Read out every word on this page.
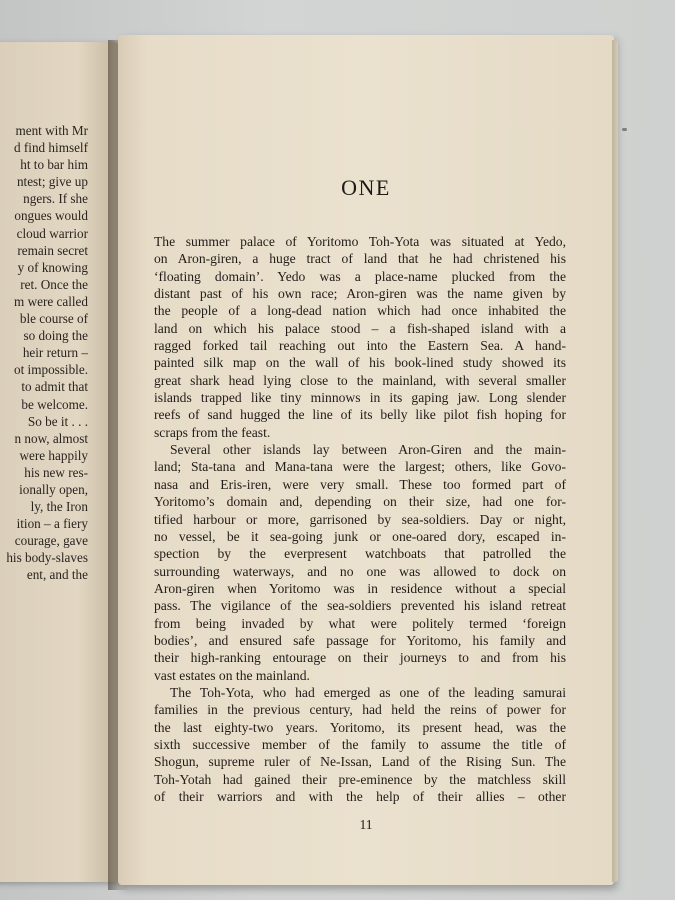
ment with Mr
d find himself
ht to bar him
ntest; give up
ngers. If she
ongues would
cloud warrior
remain secret
y of knowing
ret. Once the
m were called
ble course of
so doing the
heir return –
ot impossible.
to admit that
be welcome.
So be it . . .
n now, almost
were happily
his new res-
ionally open,
ly, the Iron
ition – a fiery
courage, gave
his body-slaves
ent, and the
ONE
The summer palace of Yoritomo Toh-Yota was situated at Yedo,
on Aron-giren, a huge tract of land that he had christened his
‘floating domain’. Yedo was a place-name plucked from the
distant past of his own race; Aron-giren was the name given by
the people of a long-dead nation which had once inhabited the
land on which his palace stood – a fish-shaped island with a
ragged forked tail reaching out into the Eastern Sea. A hand-
painted silk map on the wall of his book-lined study showed its
great shark head lying close to the mainland, with several smaller
islands trapped like tiny minnows in its gaping jaw. Long slender
reefs of sand hugged the line of its belly like pilot fish hoping for
scraps from the feast.
Several other islands lay between Aron-Giren and the main-
land; Sta-tana and Mana-tana were the largest; others, like Govo-
nasa and Eris-iren, were very small. These too formed part of
Yoritomo’s domain and, depending on their size, had one for-
tified harbour or more, garrisoned by sea-soldiers. Day or night,
no vessel, be it sea-going junk or one-oared dory, escaped in-
spection by the everpresent watchboats that patrolled the
surrounding waterways, and no one was allowed to dock on
Aron-giren when Yoritomo was in residence without a special
pass. The vigilance of the sea-soldiers prevented his island retreat
from being invaded by what were politely termed ‘foreign
bodies’, and ensured safe passage for Yoritomo, his family and
their high-ranking entourage on their journeys to and from his
vast estates on the mainland.
The Toh-Yota, who had emerged as one of the leading samurai
families in the previous century, had held the reins of power for
the last eighty-two years. Yoritomo, its present head, was the
sixth successive member of the family to assume the title of
Shogun, supreme ruler of Ne-Issan, Land of the Rising Sun. The
Toh-Yotah had gained their pre-eminence by the matchless skill
of their warriors and with the help of their allies – other
11
